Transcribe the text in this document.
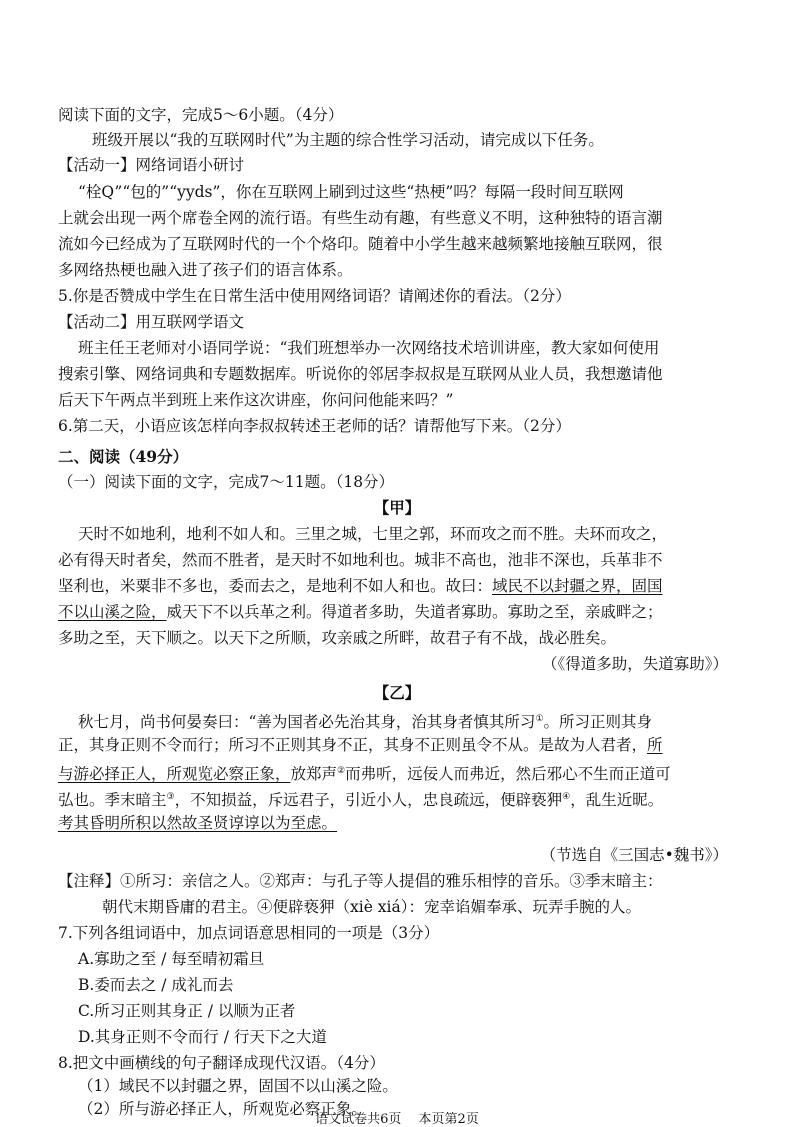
阅读下面的文字，完成5～6小题。（4分）
班级开展以“我的互联网时代”为主题的综合性学习活动，请完成以下任务。
【活动一】网络词语小研讨
“栓Q”“包的”“yyds”，你在互联网上刷到过这些“热梗”吗？每隔一段时间互联网
上就会出现一两个席卷全网的流行语。有些生动有趣，有些意义不明，这种独特的语言潮
流如今已经成为了互联网时代的一个个烙印。随着中小学生越来越频繁地接触互联网，很
多网络热梗也融入进了孩子们的语言体系。
5.你是否赞成中学生在日常生活中使用网络词语？请阐述你的看法。（2分）
【活动二】用互联网学语文
班主任王老师对小语同学说：“我们班想举办一次网络技术培训讲座，教大家如何使用
搜索引擎、网络词典和专题数据库。听说你的邻居李叔叔是互联网从业人员，我想邀请他
后天下午两点半到班上来作这次讲座，你问问他能来吗？”
6.第二天，小语应该怎样向李叔叔转述王老师的话？请帮他写下来。（2分）
二、阅读（49分）
（一）阅读下面的文字，完成7～11题。（18分）
【甲】
天时不如地利，地利不如人和。三里之城，七里之郭，环而攻之而不胜。夫环而攻之，
必有得天时者矣，然而不胜者，是天时不如地利也。城非不高也，池非不深也，兵革非不
坚利也，米粟非不多也，委而去之，是地利不如人和也。故曰：域民不以封疆之界，固国
不以山溪之险，威天下不以兵革之利。得道者多助，失道者寡助。寡助之至，亲戚畔之；
多助之至，天下顺之。以天下之所顺，攻亲戚之所畔，故君子有不战，战必胜矣。
（《得道多助，失道寡助》）
【乙】
秋七月，尚书何晏奏曰：“善为国者必先治其身，治其身者慎其所习①。所习正则其身
正，其身正则不令而行；所习不正则其身不正，其身不正则虽令不从。是故为人君者，所
与游必择正人，所观览必察正象，放郑声②而弗听，远佞人而弗近，然后邪心不生而正道可
弘也。季末暗主③，不知损益，斥远君子，引近小人，忠良疏远，便辟亵狎④，乱生近昵。
考其昏明所积以然故圣贤谆谆以为至虑。
（节选自《三国志•魏书》）
【注释】①所习：亲信之人。②郑声：与孔子等人提倡的雅乐相悖的音乐。③季末暗主：
朝代末期昏庸的君主。④便辟亵狎（xiè xiá）：宠幸谄媚奉承、玩弄手腕的人。
7.下列各组词语中，加点词语意思相同的一项是（3分）
A.寡助之至 / 每至晴初霜旦
B.委而去之 / 成礼而去
C.所习正则其身正 / 以顺为正者
D.其身正则不令而行 / 行天下之大道
8.把文中画横线的句子翻译成现代汉语。（4分）
（1）域民不以封疆之界，固国不以山溪之险。
（2）所与游必择正人，所观览必察正象。
语文试卷共6页　 本页第2页
